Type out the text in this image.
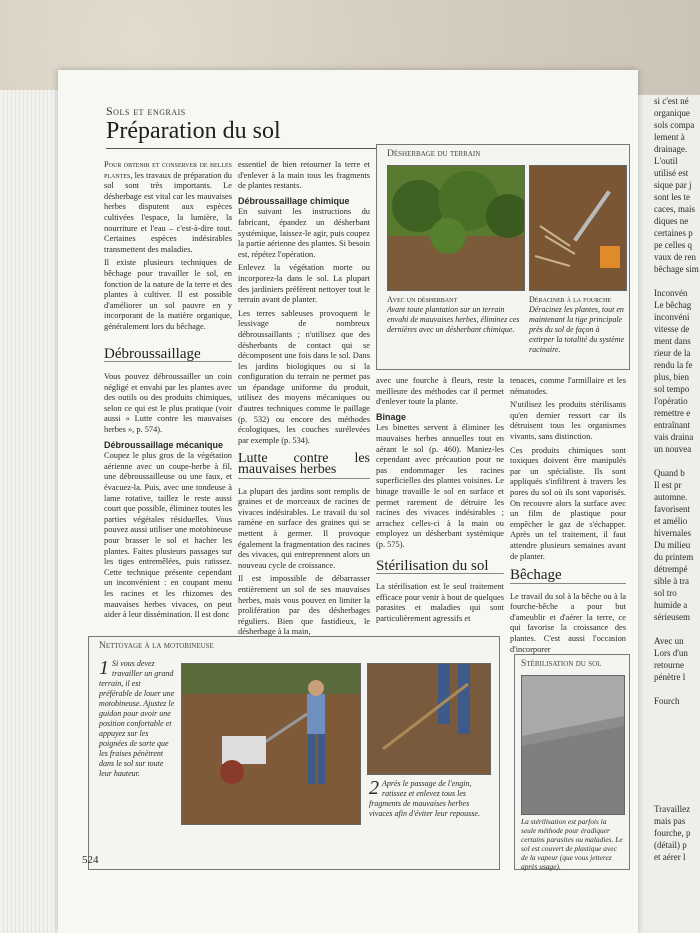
si c'est né
organique
sols compa
lement à
drainage.
L'outil
utilisé est
sique par j
sont les te
caces, mais
diques ne
certaines p
pe celles q
vaux de ren
bêchage sim

Inconvén
Le bêchag
inconvéni
vitesse de
ment dans
rieur de la
rendu la fe
plus, bien
sol tempo
l'opératio
remettre e
entraînant
vais draina
un nouvea

Quand b
Il est pr
automne.
favorisent
et amélio
hivernales
Du milieu
du printem
détrempé
sible à tra
sol tro
humide a
sérieusem

Avec un
Lors d'un
retourne
pénètre l

Fourch

Travaillez
mais pas
fourche, p
(détail) p
et aérer l
Sols et engrais
Préparation du sol

Pour obtenir et conserver de belles plantes, les travaux de préparation du sol sont très importants. Le désherbage est vital car les mauvaises herbes disputent aux espèces cultivées l'espace, la lumière, la nourriture et l'eau – c'est-à-dire tout. Certaines espèces indésirables transmettent des maladies.

Il existe plusieurs techniques de bêchage pour travailler le sol, en fonction de la nature de la terre et des plantes à cultiver. Il est possible d'améliorer un sol pauvre en y incorporant de la matière organique, généralement lors du bêchage.

Débroussaillage

Vous pouvez débroussailler un coin négligé et envahi par les plantes avec des outils ou des produits chimiques, selon ce qui est le plus pratique (voir aussi « Lutte contre les mauvaises herbes », p. 574).

Débroussaillage mécanique

Coupez le plus gros de la végétation aérienne avec un coupe-herbe à fil, une débroussailleuse ou une faux, et évacuez-la. Puis, avec une tondeuse à lame rotative, taillez le reste aussi court que possible, éliminez toutes les parties végétales résiduelles. Vous pouvez aussi utiliser une motobineuse pour brasser le sol et hacher les plantes. Faites plusieurs passages sur les tiges entremêlées, puis ratissez. Cette technique présente cependant un inconvénient : en coupant menu les racines et les rhizomes des mauvaises herbes vivaces, on peut aider à leur dissémination. Il est donc

essentiel de bien retourner la terre et d'enlever à la main tous les fragments de plantes restants.

Débroussaillage chimique

En suivant les instructions du fabricant, épandez un désherbant systémique, laissez-le agir, puis coupez la partie aérienne des plantes. Si besoin est, répétez l'opération.

Enlevez la végétation morte ou incorporez-la dans le sol. La plupart des jardiniers préfèrent nettoyer tout le terrain avant de planter.

Les terres sableuses provoquent le lessivage de nombreux débroussaillants ; n'utilisez que des désherbants de contact qui se décomposent une fois dans le sol. Dans les jardins biologiques ou si la configuration du terrain ne permet pas un épandage uniforme du produit, utilisez des moyens mécaniques ou d'autres techniques comme le paillage (p. 532) ou encore des méthodes écologiques, les couches surélevées par exemple (p. 534).

Lutte contre les mauvaises herbes

La plupart des jardins sont remplis de graines et de morceaux de racines de vivaces indésirables. Le travail du sol ramène en surface des graines qui se mettent à germer. Il provoque également la fragmentation des racines des vivaces, qui entreprennent alors un nouveau cycle de croissance.

Il est impossible de débarrasser entièrement un sol de ses mauvaises herbes, mais vous pouvez en limiter la prolifération par des désherbages réguliers. Bien que fastidieux, le désherbage à la main,

Désherbage du terrain
Avec un désherbant
Avant toute plantation sur un terrain envahi de mauvaises herbes, éliminez ces dernières avec un désherbant chimique.
Déraciner à la fourche
Déracinez les plantes, tout en maintenant la tige principale près du sol de façon à extirper la totalité du système racinaire.

avec une fourche à fleurs, reste la meilleure des méthodes car il permet d'enlever toute la plante.

Binage

Les binettes servent à éliminer les mauvaises herbes annuelles tout en aérant le sol (p. 460). Maniez-les cependant avec précaution pour ne pas endommager les racines superficielles des plantes voisines. Le binage travaille le sol en surface et permet rarement de détruire les racines des vivaces indésirables ; arrachez celles-ci à la main ou employez un désherbant systémique (p. 575).

Stérilisation du sol

La stérilisation est le seul traitement efficace pour venir à bout de quelques parasites et maladies qui sont particulièrement agressifs et

tenaces, comme l'armillaire et les nématodes.

N'utilisez les produits stérilisants qu'en dernier ressort car ils détruisent tous les organismes vivants, sans distinction.

Ces produits chimiques sont toxiques doivent être manipulés par un spécialiste. Ils sont appliqués s'infiltrent à travers les pores du sol où ils sont vaporisés. On recouvre alors la surface avec un film de plastique pour empêcher le gaz de s'échapper. Après un tel traitement, il faut attendre plusieurs semaines avant de planter.

Bêchage

Le travail du sol à la bêche ou à la fourche-bêche a pour but d'ameublir et d'aérer la terre, ce qui favorise la croissance des plantes. C'est aussi l'occasion d'incorporer

Nettoyage à la motobineuse
1 Si vous devez travailler un grand terrain, il est préférable de louer une motobineuse. Ajustez le guidon pour avoir une position confortable et appuyez sur les poignées de sorte que les fraises pénètrent dans le sol sur toute leur hauteur.
2 Après le passage de l'engin, ratissez et enlevez tous les fragments de mauvaises herbes vivaces afin d'éviter leur repousse.
Stérilisation du sol
La stérilisation est parfois la seule méthode pour éradiquer certains parasites ou maladies. Le sol est couvert de plastique avec de la vapeur (que vous jetterez après usage).
524
